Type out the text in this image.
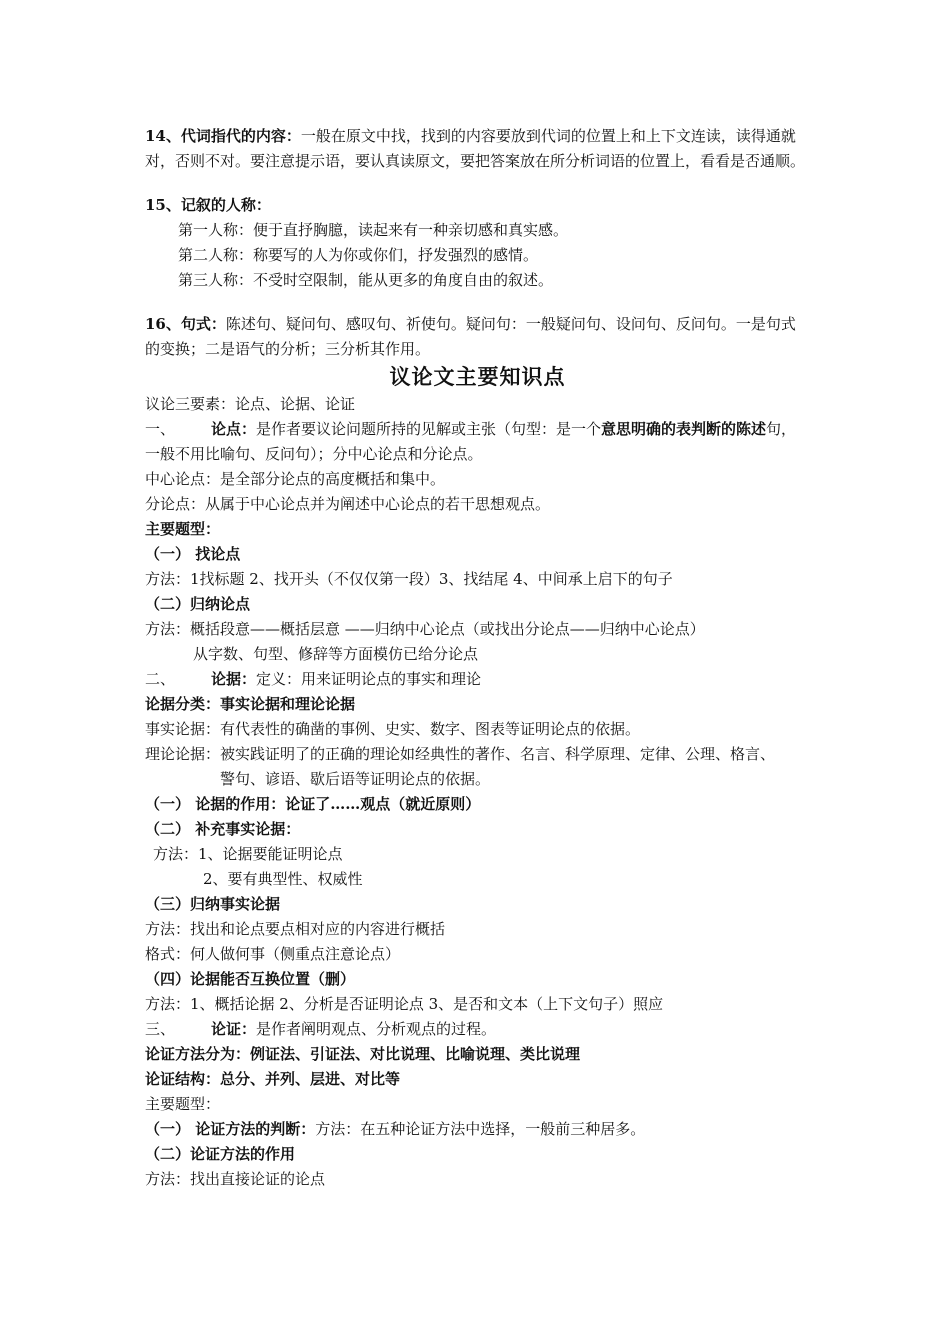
14、代词指代的内容：一般在原文中找，找到的内容要放到代词的位置上和上下文连读，读得通就对，否则不对。要注意提示语，要认真读原文，要把答案放在所分析词语的位置上，看看是否通顺。

15、记叙的人称：

第一人称：便于直抒胸臆，读起来有一种亲切感和真实感。

第二人称：称要写的人为你或你们，抒发强烈的感情。

第三人称：不受时空限制，能从更多的角度自由的叙述。

16、句式：陈述句、疑问句、感叹句、祈使句。疑问句：一般疑问句、设问句、反问句。一是句式的变换；二是语气的分析；三分析其作用。

议论文主要知识点

议论三要素：论点、论据、论证

一、 论点：是作者要议论问题所持的见解或主张（句型：是一个意思明确的表判断的陈述句，一般不用比喻句、反问句）；分中心论点和分论点。

中心论点：是全部分论点的高度概括和集中。

分论点：从属于中心论点并为阐述中心论点的若干思想观点。

主要题型：

（一） 找论点

方法：1找标题 2、找开头（不仅仅第一段）3、找结尾 4、中间承上启下的句子

（二）归纳论点

方法：概括段意——概括层意 ——归纳中心论点（或找出分论点——归纳中心论点）

从字数、句型、修辞等方面模仿已给分论点

二、 论据：定义：用来证明论点的事实和理论

论据分类：事实论据和理论论据

事实论据：有代表性的确凿的事例、史实、数字、图表等证明论点的依据。

理论论据：被实践证明了的正确的理论如经典性的著作、名言、科学原理、定律、公理、格言、

警句、谚语、歇后语等证明论点的依据。

（一） 论据的作用：论证了……观点（就近原则）

（二） 补充事实论据：

方法：1、论据要能证明论点

2、要有典型性、权威性

（三）归纳事实论据

方法：找出和论点要点相对应的内容进行概括

格式：何人做何事（侧重点注意论点）

（四）论据能否互换位置（删）

方法：1、概括论据 2、分析是否证明论点 3、是否和文本（上下文句子）照应

三、 论证：是作者阐明观点、分析观点的过程。

论证方法分为：例证法、引证法、对比说理、比喻说理、类比说理

论证结构：总分、并列、层进、对比等

主要题型：

（一） 论证方法的判断：方法：在五种论证方法中选择，一般前三种居多。

（二）论证方法的作用

方法：找出直接论证的论点
